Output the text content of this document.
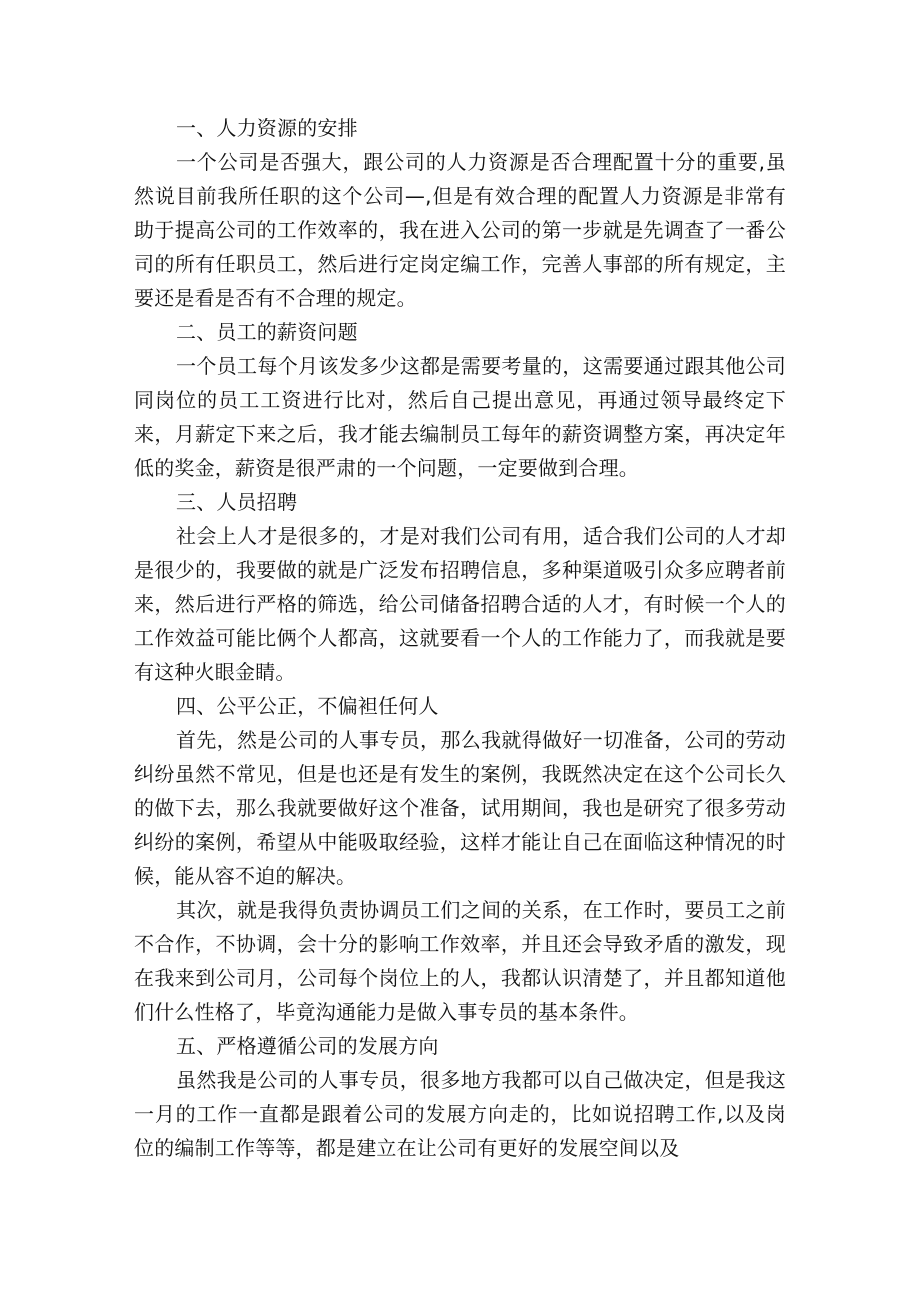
一、人力资源的安排

一个公司是否强大，跟公司的人力资源是否合理配置十分的重要,虽然说目前我所任职的这个公司—,但是有效合理的配置人力资源是非常有助于提高公司的工作效率的，我在进入公司的第一步就是先调查了一番公司的所有任职员工，然后进行定岗定编工作，完善人事部的所有规定，主要还是看是否有不合理的规定。

二、员工的薪资问题

一个员工每个月该发多少这都是需要考量的，这需要通过跟其他公司同岗位的员工工资进行比对，然后自己提出意见，再通过领导最终定下来，月薪定下来之后，我才能去编制员工每年的薪资调整方案，再决定年低的奖金，薪资是很严肃的一个问题，一定要做到合理。

三、人员招聘

社会上人才是很多的，才是对我们公司有用，适合我们公司的人才却是很少的，我要做的就是广泛发布招聘信息，多种渠道吸引众多应聘者前来，然后进行严格的筛选，给公司储备招聘合适的人才，有时候一个人的工作效益可能比俩个人都高，这就要看一个人的工作能力了，而我就是要有这种火眼金睛。

四、公平公正，不偏袒任何人

首先，然是公司的人事专员，那么我就得做好一切准备，公司的劳动纠纷虽然不常见，但是也还是有发生的案例，我既然决定在这个公司长久的做下去，那么我就要做好这个准备，试用期间，我也是研究了很多劳动纠纷的案例，希望从中能吸取经验，这样才能让自己在面临这种情况的时候，能从容不迫的解决。

其次，就是我得负责协调员工们之间的关系，在工作时，要员工之前不合作，不协调，会十分的影响工作效率，并且还会导致矛盾的激发，现在我来到公司月，公司每个岗位上的人，我都认识清楚了，并且都知道他们什么性格了，毕竟沟通能力是做入事专员的基本条件。

五、严格遵循公司的发展方向

虽然我是公司的人事专员，很多地方我都可以自己做决定，但是我这一月的工作一直都是跟着公司的发展方向走的，比如说招聘工作,以及岗位的编制工作等等，都是建立在让公司有更好的发展空间以及
